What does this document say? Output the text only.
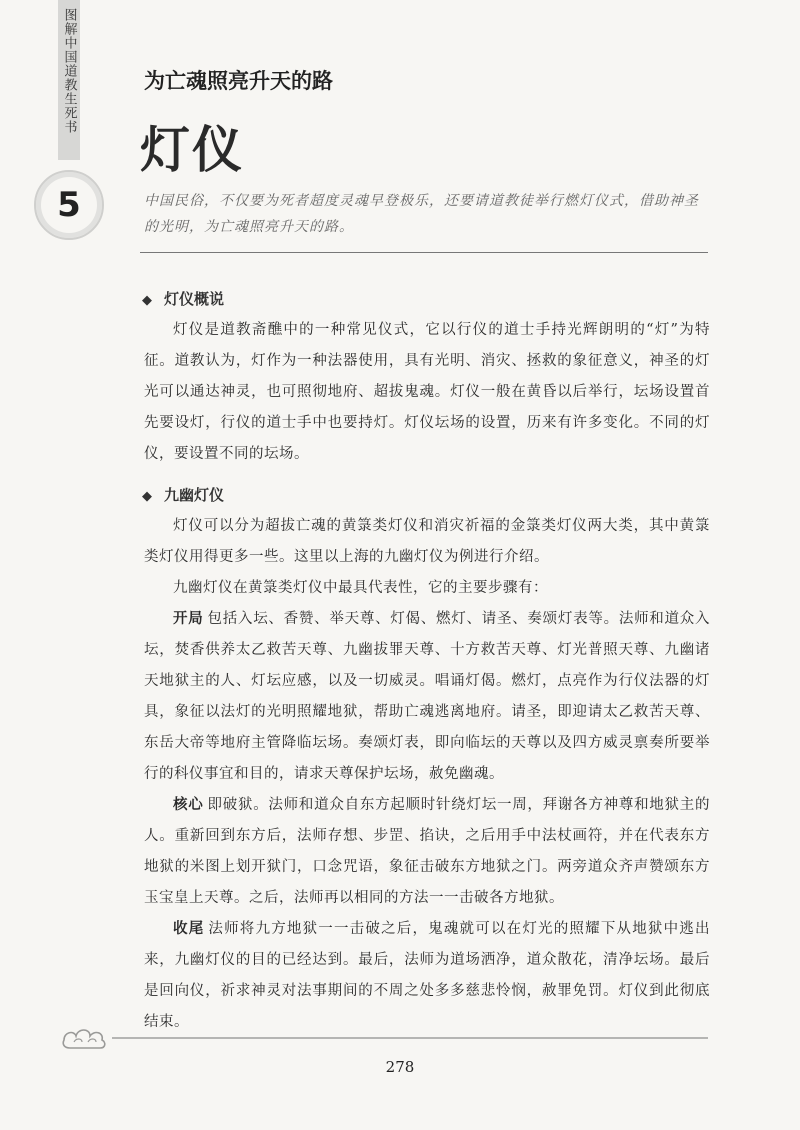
图解中国道教生死书
5
为亡魂照亮升天的路
灯仪
中国民俗，不仅要为死者超度灵魂早登极乐，还要请道教徒举行燃灯仪式，借助神圣的光明，为亡魂照亮升天的路。
◆ 灯仪概说

灯仪是道教斋醮中的一种常见仪式，它以行仪的道士手持光辉朗明的“灯”为特征。道教认为，灯作为一种法器使用，具有光明、消灾、拯救的象征意义，神圣的灯光可以通达神灵，也可照彻地府、超拔鬼魂。灯仪一般在黄昏以后举行，坛场设置首先要设灯，行仪的道士手中也要持灯。灯仪坛场的设置，历来有许多变化。不同的灯仪，要设置不同的坛场。

◆ 九幽灯仪

灯仪可以分为超拔亡魂的黄箓类灯仪和消灾祈福的金箓类灯仪两大类，其中黄箓类灯仪用得更多一些。这里以上海的九幽灯仪为例进行介绍。

九幽灯仪在黄箓类灯仪中最具代表性，它的主要步骤有：

开局 包括入坛、香赞、举天尊、灯偈、燃灯、请圣、奏颂灯表等。法师和道众入坛，焚香供养太乙救苦天尊、九幽拔罪天尊、十方救苦天尊、灯光普照天尊、九幽诸天地狱主的人、灯坛应感，以及一切威灵。唱诵灯偈。燃灯，点亮作为行仪法器的灯具，象征以法灯的光明照耀地狱，帮助亡魂逃离地府。请圣，即迎请太乙救苦天尊、东岳大帝等地府主管降临坛场。奏颂灯表，即向临坛的天尊以及四方威灵禀奏所要举行的科仪事宜和目的，请求天尊保护坛场，赦免幽魂。

核心 即破狱。法师和道众自东方起顺时针绕灯坛一周，拜谢各方神尊和地狱主的人。重新回到东方后，法师存想、步罡、掐诀，之后用手中法杖画符，并在代表东方地狱的米图上划开狱门，口念咒语，象征击破东方地狱之门。两旁道众齐声赞颂东方玉宝皇上天尊。之后，法师再以相同的方法一一击破各方地狱。

收尾 法师将九方地狱一一击破之后，鬼魂就可以在灯光的照耀下从地狱中逃出来，九幽灯仪的目的已经达到。最后，法师为道场洒净，道众散花，清净坛场。最后是回向仪，祈求神灵对法事期间的不周之处多多慈悲怜悯，赦罪免罚。灯仪到此彻底结束。

278
